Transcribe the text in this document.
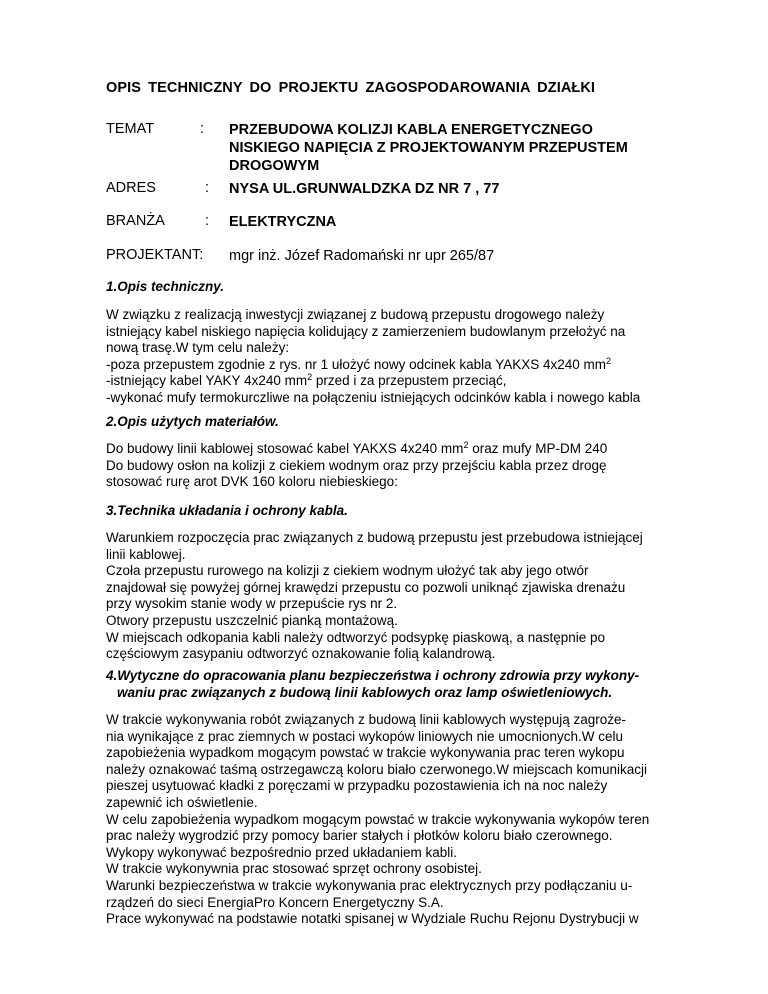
OPIS TECHNICZNY DO PROJEKTU ZAGOSPODAROWANIA DZIAŁKI
TEMAT	: PRZEBUDOWA KOLIZJI KABLA ENERGETYCZNEGO
NISKIEGO NAPIĘCIA Z PROJEKTOWANYM PRZEPUSTEM
DROGOWYM
ADRES	: NYSA UL.GRUNWALDZKA DZ NR 7 , 77
BRANŻA	: ELEKTRYCZNA
PROJEKTANT: mgr inż. Józef Radomański nr upr 265/87
1.Opis techniczny.
W związku z realizacją inwestycji związanej z budową przepustu drogowego należy
istniejący kabel niskiego napięcia kolidujący z zamierzeniem budowlanym przełożyć na
nową trasę.W tym celu należy:
-poza przepustem zgodnie z rys. nr 1 ułożyć nowy odcinek kabla YAKXS 4x240 $mm^2$
-istniejący kabel YAKY 4x240 $mm^2$ przed i za przepustem przeciąć,
-wykonać mufy termokurczliwe na połączeniu istniejących odcinków kabla i nowego kabla
2.Opis użytych materiałów.
Do budowy linii kablowej stosować kabel YAKXS 4x240 $mm^2$ oraz mufy MP-DM 240
Do budowy osłon na kolizji z ciekiem wodnym oraz przy przejściu kabla przez drogę
stosować rurę arot DVK 160 koloru niebieskiego:
3.Technika układania i ochrony kabla.
Warunkiem rozpoczęcia prac związanych z budową przepustu jest przebudowa istniejącej
linii kablowej.
Czoła przepustu rurowego na kolizji z ciekiem wodnym ułożyć tak aby jego otwór
znajdował się powyżej górnej krawędzi przepustu co pozwoli uniknąć zjawiska drenażu
przy wysokim stanie wody w przepuście rys nr 2.
Otwory przepustu uszczelnić pianką montażową.
W miejscach odkopania kabli należy odtworzyć podsypkę piaskową, a następnie po
częściowym zasypaniu odtworzyć oznakowanie folią kalandrową.
4.Wytyczne do opracowania planu bezpieczeństwa i ochrony zdrowia przy wykony-
waniu prac związanych z budową linii kablowych oraz lamp oświetleniowych.
W trakcie wykonywania robót związanych z budową linii kablowych występują zagroże-
nia wynikające z prac ziemnych w postaci wykopów liniowych nie umocnionych.W celu
zapobieżenia wypadkom mogącym powstać w trakcie wykonywania prac teren wykopu
należy oznakować taśmą ostrzegawczą koloru biało czerwonego.W miejscach komunikacji
pieszej usytuować kładki z poręczami w przypadku pozostawienia ich na noc należy
zapewnić ich oświetlenie.
W celu zapobieżenia wypadkom mogącym powstać w trakcie wykonywania wykopów teren
prac należy wygrodzić przy pomocy barier stałych i płotków koloru biało czerownego.
Wykopy wykonywać bezpośrednio przed układaniem kabli.
W trakcie wykonywnia prac stosować sprzęt ochrony osobistej.
Warunki bezpieczeństwa w trakcie wykonywania prac elektrycznych przy podłączaniu u-
rządzeń do sieci EnergiaPro Koncern Energetyczny S.A.
Prace wykonywać na podstawie notatki spisanej w Wydziale Ruchu Rejonu Dystrybucji w
